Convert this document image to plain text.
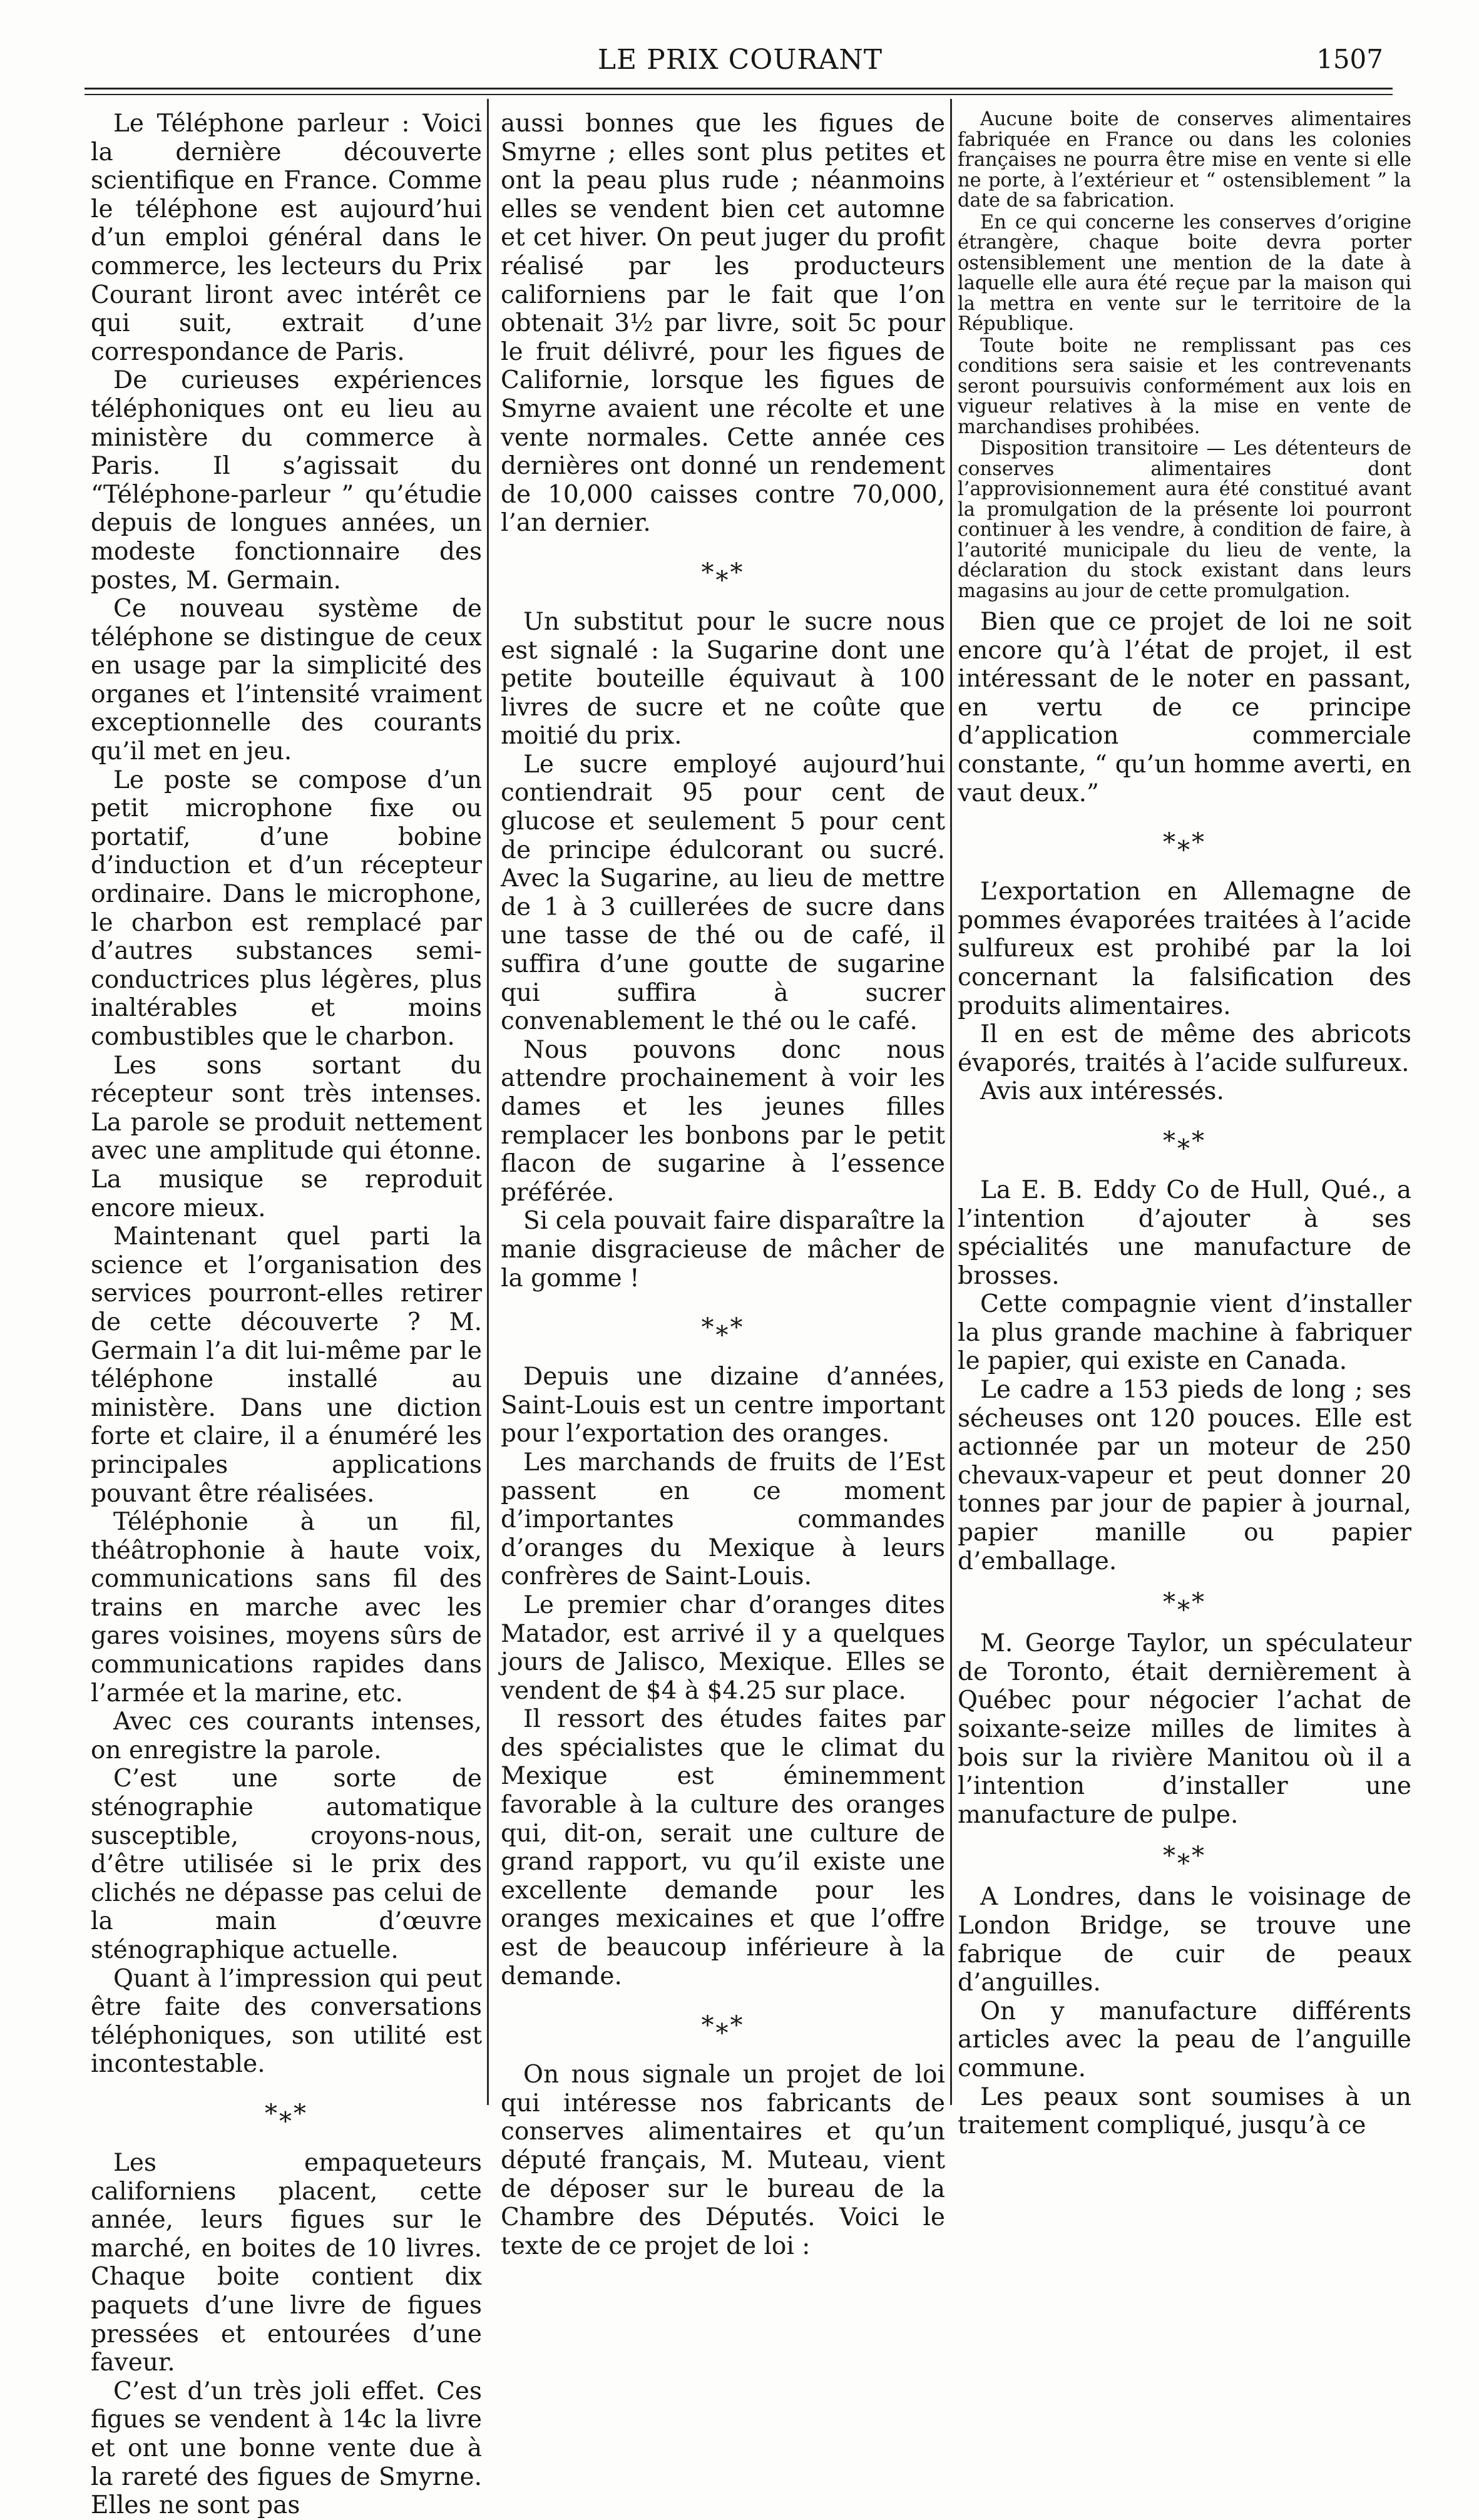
LE PRIX COURANT	1507

Le Téléphone parleur : Voici la dernière découverte scientifique en France. Comme le téléphone est aujourd’hui d’un emploi général dans le commerce, les lecteurs du Prix Courant liront avec intérêt ce qui suit, extrait d’une correspondance de Paris.

De curieuses expériences téléphoniques ont eu lieu au ministère du commerce à Paris. Il s’agissait du “Téléphone-parleur ” qu’étudie depuis de longues années, un modeste fonctionnaire des postes, M. Germain.

Ce nouveau système de téléphone se distingue de ceux en usage par la simplicité des organes et l’intensité vraiment exceptionnelle des courants qu’il met en jeu.

Le poste se compose d’un petit microphone fixe ou portatif, d’une bobine d’induction et d’un récepteur ordinaire. Dans le microphone, le charbon est remplacé par d’autres substances semi-conductrices plus légères, plus inaltérables et moins combustibles que le charbon.

Les sons sortant du récepteur sont très intenses. La parole se produit nettement avec une amplitude qui étonne. La musique se reproduit encore mieux.

Maintenant quel parti la science et l’organisation des services pourront-elles retirer de cette découverte ? M. Germain l’a dit lui-même par le téléphone installé au ministère. Dans une diction forte et claire, il a énuméré les principales applications pouvant être réalisées.

Téléphonie à un fil, théâtrophonie à haute voix, communications sans fil des trains en marche avec les gares voisines, moyens sûrs de communications rapides dans l’armée et la marine, etc.

Avec ces courants intenses, on enregistre la parole.

C’est une sorte de sténographie automatique susceptible, croyons-nous, d’être utilisée si le prix des clichés ne dépasse pas celui de la main d’œuvre sténographique actuelle.

Quant à l’impression qui peut être faite des conversations téléphoniques, son utilité est incontestable.

*⁎*

Les empaqueteurs californiens placent, cette année, leurs figues sur le marché, en boites de 10 livres. Chaque boite contient dix paquets d’une livre de figues pressées et entourées d’une faveur.

C’est d’un très joli effet. Ces figues se vendent à 14c la livre et ont une bonne vente due à la rareté des figues de Smyrne. Elles ne sont pas

aussi bonnes que les figues de Smyrne ; elles sont plus petites et ont la peau plus rude ; néanmoins elles se vendent bien cet automne et cet hiver. On peut juger du profit réalisé par les producteurs californiens par le fait que l’on obtenait 3½ par livre, soit 5c pour le fruit délivré, pour les figues de Californie, lorsque les figues de Smyrne avaient une récolte et une vente normales. Cette année ces dernières ont donné un rendement de 10,000 caisses contre 70,000, l’an dernier.

*⁎*

Un substitut pour le sucre nous est signalé : la Sugarine dont une petite bouteille équivaut à 100 livres de sucre et ne coûte que moitié du prix.

Le sucre employé aujourd’hui contiendrait 95 pour cent de glucose et seulement 5 pour cent de principe édulcorant ou sucré. Avec la Sugarine, au lieu de mettre de 1 à 3 cuillerées de sucre dans une tasse de thé ou de café, il suffira d’une goutte de sugarine qui suffira à sucrer convenablement le thé ou le café.

Nous pouvons donc nous attendre prochainement à voir les dames et les jeunes filles remplacer les bonbons par le petit flacon de sugarine à l’essence préférée.

Si cela pouvait faire disparaître la manie disgracieuse de mâcher de la gomme !

*⁎*

Depuis une dizaine d’années, Saint-Louis est un centre important pour l’exportation des oranges.

Les marchands de fruits de l’Est passent en ce moment d’importantes commandes d’oranges du Mexique à leurs confrères de Saint-Louis.

Le premier char d’oranges dites Matador, est arrivé il y a quelques jours de Jalisco, Mexique. Elles se vendent de $4 à $4.25 sur place.

Il ressort des études faites par des spécialistes que le climat du Mexique est éminemment favorable à la culture des oranges qui, dit-on, serait une culture de grand rapport, vu qu’il existe une excellente demande pour les oranges mexicaines et que l’offre est de beaucoup inférieure à la demande.

*⁎*

On nous signale un projet de loi qui intéresse nos fabricants de conserves alimentaires et qu’un député français, M. Muteau, vient de déposer sur le bureau de la Chambre des Députés. Voici le texte de ce projet de loi :

Aucune boite de conserves alimentaires fabriquée en France ou dans les colonies françaises ne pourra être mise en vente si elle ne porte, à l’extérieur et “ ostensiblement ” la date de sa fabrication.

En ce qui concerne les conserves d’origine étrangère, chaque boite devra porter ostensiblement une mention de la date à laquelle elle aura été reçue par la maison qui la mettra en vente sur le territoire de la République.

Toute boite ne remplissant pas ces conditions sera saisie et les contrevenants seront poursuivis conformément aux lois en vigueur relatives à la mise en vente de marchandises prohibées.

Disposition transitoire — Les détenteurs de conserves alimentaires dont l’approvisionnement aura été constitué avant la promulgation de la présente loi pourront continuer à les vendre, à condition de faire, à l’autorité municipale du lieu de vente, la déclaration du stock existant dans leurs magasins au jour de cette promulgation.

Bien que ce projet de loi ne soit encore qu’à l’état de projet, il est intéressant de le noter en passant, en vertu de ce principe d’application commerciale constante, “ qu’un homme averti, en vaut deux.”

*⁎*

L’exportation en Allemagne de pommes évaporées traitées à l’acide sulfureux est prohibé par la loi concernant la falsification des produits alimentaires.

Il en est de même des abricots évaporés, traités à l’acide sulfureux.

Avis aux intéressés.

*⁎*

La E. B. Eddy Co de Hull, Qué., a l’intention d’ajouter à ses spécialités une manufacture de brosses.

Cette compagnie vient d’installer la plus grande machine à fabriquer le papier, qui existe en Canada.

Le cadre a 153 pieds de long ; ses sécheuses ont 120 pouces. Elle est actionnée par un moteur de 250 chevaux-vapeur et peut donner 20 tonnes par jour de papier à journal, papier manille ou papier d’emballage.

*⁎*

M. George Taylor, un spéculateur de Toronto, était dernièrement à Québec pour négocier l’achat de soixante-seize milles de limites à bois sur la rivière Manitou où il a l’intention d’installer une manufacture de pulpe.

*⁎*

A Londres, dans le voisinage de London Bridge, se trouve une fabrique de cuir de peaux d’anguilles.

On y manufacture différents articles avec la peau de l’anguille commune.

Les peaux sont soumises à un traitement compliqué, jusqu’à ce
